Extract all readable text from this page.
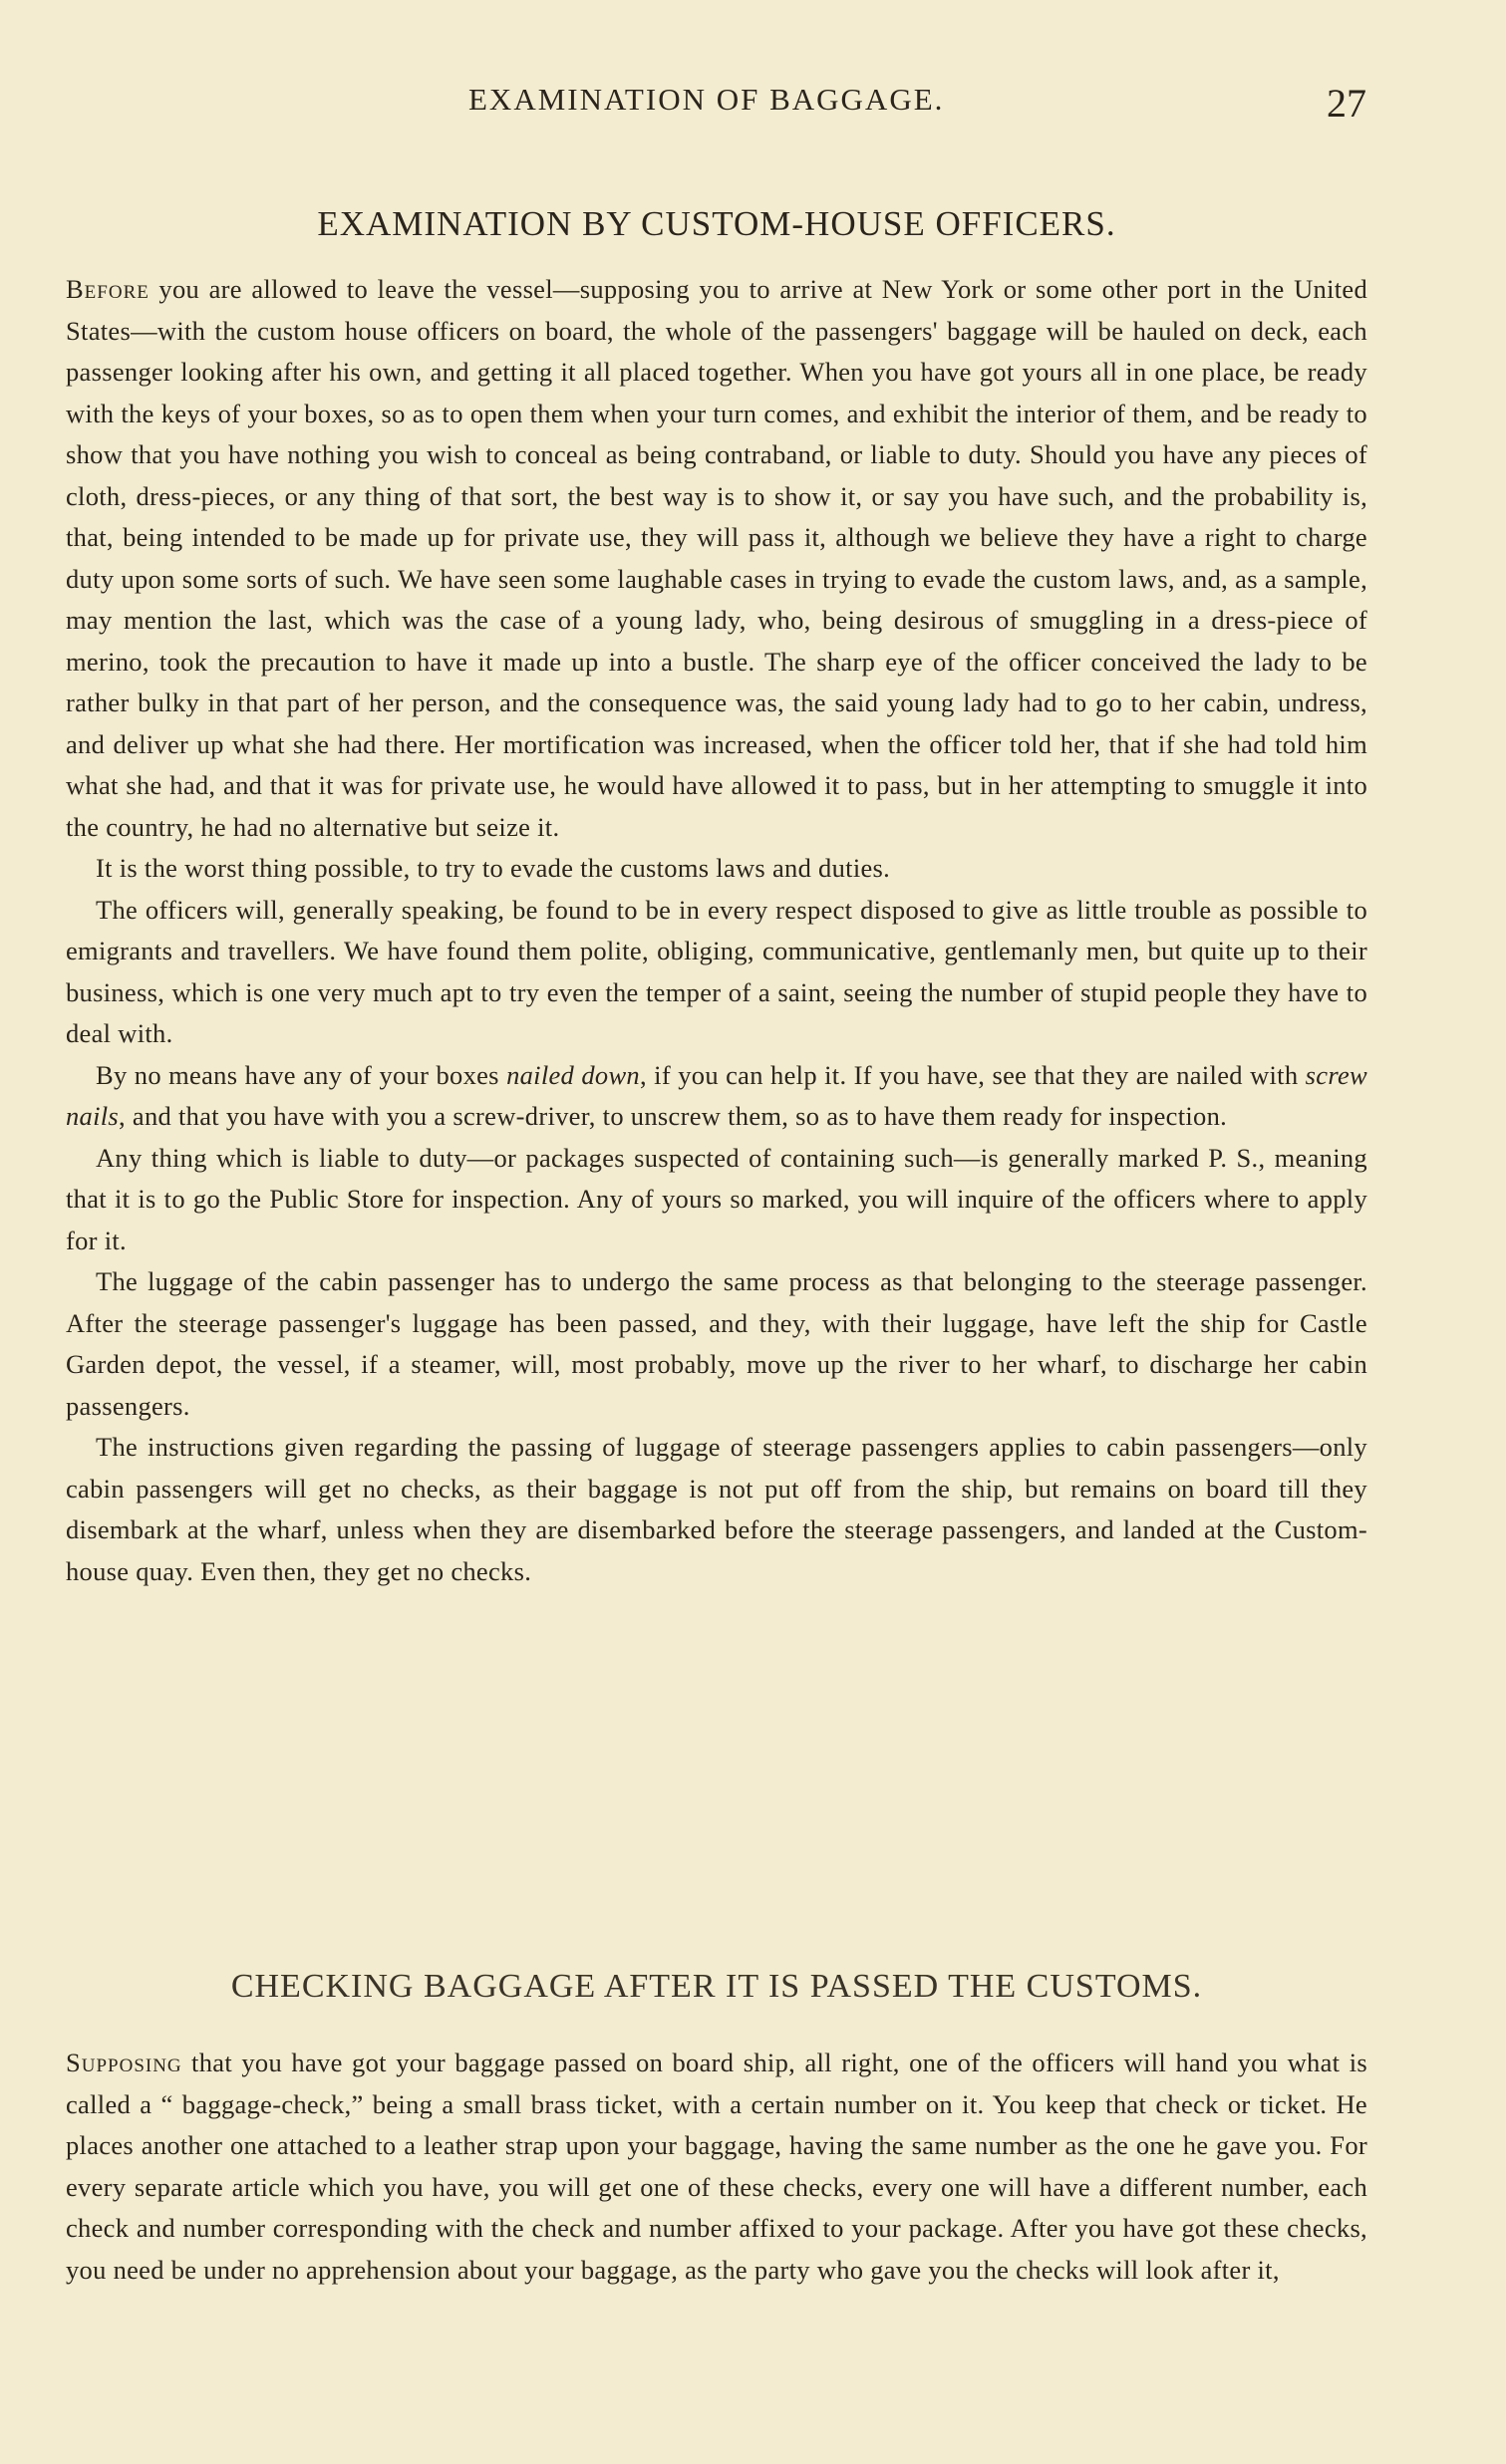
EXAMINATION OF BAGGAGE.	27
EXAMINATION BY CUSTOM-HOUSE OFFICERS.

Before you are allowed to leave the vessel—supposing you to arrive at New York or some other port in the United States—with the custom house officers on board, the whole of the passengers' baggage will be hauled on deck, each passenger looking after his own, and getting it all placed together. When you have got yours all in one place, be ready with the keys of your boxes, so as to open them when your turn comes, and exhibit the interior of them, and be ready to show that you have nothing you wish to conceal as being contraband, or liable to duty. Should you have any pieces of cloth, dress-pieces, or any thing of that sort, the best way is to show it, or say you have such, and the probability is, that, being intended to be made up for private use, they will pass it, although we believe they have a right to charge duty upon some sorts of such. We have seen some laughable cases in trying to evade the custom laws, and, as a sample, may mention the last, which was the case of a young lady, who, being desirous of smuggling in a dress-piece of merino, took the precaution to have it made up into a bustle. The sharp eye of the officer conceived the lady to be rather bulky in that part of her person, and the consequence was, the said young lady had to go to her cabin, undress, and deliver up what she had there. Her mortification was increased, when the officer told her, that if she had told him what she had, and that it was for private use, he would have allowed it to pass, but in her attempting to smuggle it into the country, he had no alternative but seize it.

It is the worst thing possible, to try to evade the customs laws and duties.

The officers will, generally speaking, be found to be in every respect disposed to give as little trouble as possible to emigrants and travellers. We have found them polite, obliging, communicative, gentlemanly men, but quite up to their business, which is one very much apt to try even the temper of a saint, seeing the number of stupid people they have to deal with.

By no means have any of your boxes nailed down, if you can help it. If you have, see that they are nailed with screw nails, and that you have with you a screw-driver, to unscrew them, so as to have them ready for inspection.

Any thing which is liable to duty—or packages suspected of containing such—is generally marked P. S., meaning that it is to go the Public Store for inspection. Any of yours so marked, you will inquire of the officers where to apply for it.

The luggage of the cabin passenger has to undergo the same process as that belonging to the steerage passenger. After the steerage passenger's luggage has been passed, and they, with their luggage, have left the ship for Castle Garden depot, the vessel, if a steamer, will, most probably, move up the river to her wharf, to discharge her cabin passengers.

The instructions given regarding the passing of luggage of steerage passengers applies to cabin passengers—only cabin passengers will get no checks, as their baggage is not put off from the ship, but remains on board till they disembark at the wharf, unless when they are disembarked before the steerage passengers, and landed at the Custom-house quay. Even then, they get no checks.

CHECKING BAGGAGE AFTER IT IS PASSED THE CUSTOMS.

Supposing that you have got your baggage passed on board ship, all right, one of the officers will hand you what is called a “ baggage-check,” being a small brass ticket, with a certain number on it. You keep that check or ticket. He places another one attached to a leather strap upon your baggage, having the same number as the one he gave you. For every separate article which you have, you will get one of these checks, every one will have a different number, each check and number corresponding with the check and number affixed to your package. After you have got these checks, you need be under no apprehension about your baggage, as the party who gave you the checks will look after it,
